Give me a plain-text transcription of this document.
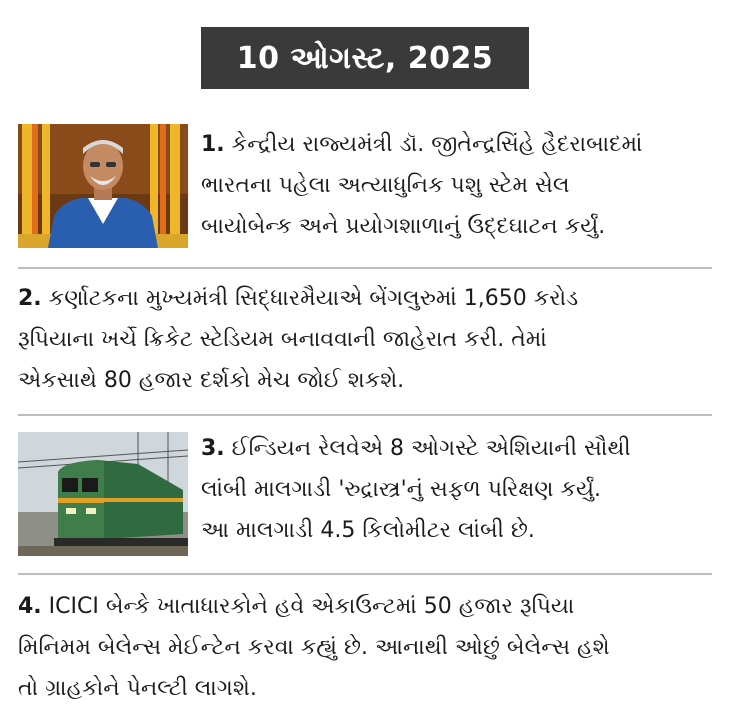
10 ઓગસ્ટ, 2025

1. કેન્દ્રીય રાજ્યમંત્રી ડૉ. જીતેન્દ્રસિંહે હૈદરાબાદમાં
ભારતના પહેલા અત્યાધુનિક પશુ સ્ટેમ સેલ
બાયોબેન્ક અને પ્રયોગશાળાનું ઉદ્દઘાટન કર્યું.

2. કર્ણાટકના મુખ્યમંત્રી સિદ્ધારમૈયાએ બેંગલુરુમાં 1,650 કરોડ
રૂપિયાના ખર્ચે ક્રિકેટ સ્ટેડિયમ બનાવવાની જાહેરાત કરી. તેમાં
એકસાથે 80 હજાર દર્શકો મેચ જોઈ શકશે.

3. ઈન્ડિયન રેલવેએ 8 ઓગસ્ટે એશિયાની સૌથી
લાંબી માલગાડી 'રુદ્રાસ્ત્ર'નું સફળ પરિક્ષણ કર્યું.
આ માલગાડી 4.5 કિલોમીટર લાંબી છે.

4. ICICI બેન્કે ખાતાધારકોને હવે એકાઉન્ટમાં 50 હજાર રૂપિયા
મિનિમમ બેલેન્સ મેઈન્ટેન કરવા કહ્યું છે. આનાથી ઓછું બેલેન્સ હશે
તો ગ્રાહકોને પેનલ્ટી લાગશે.
